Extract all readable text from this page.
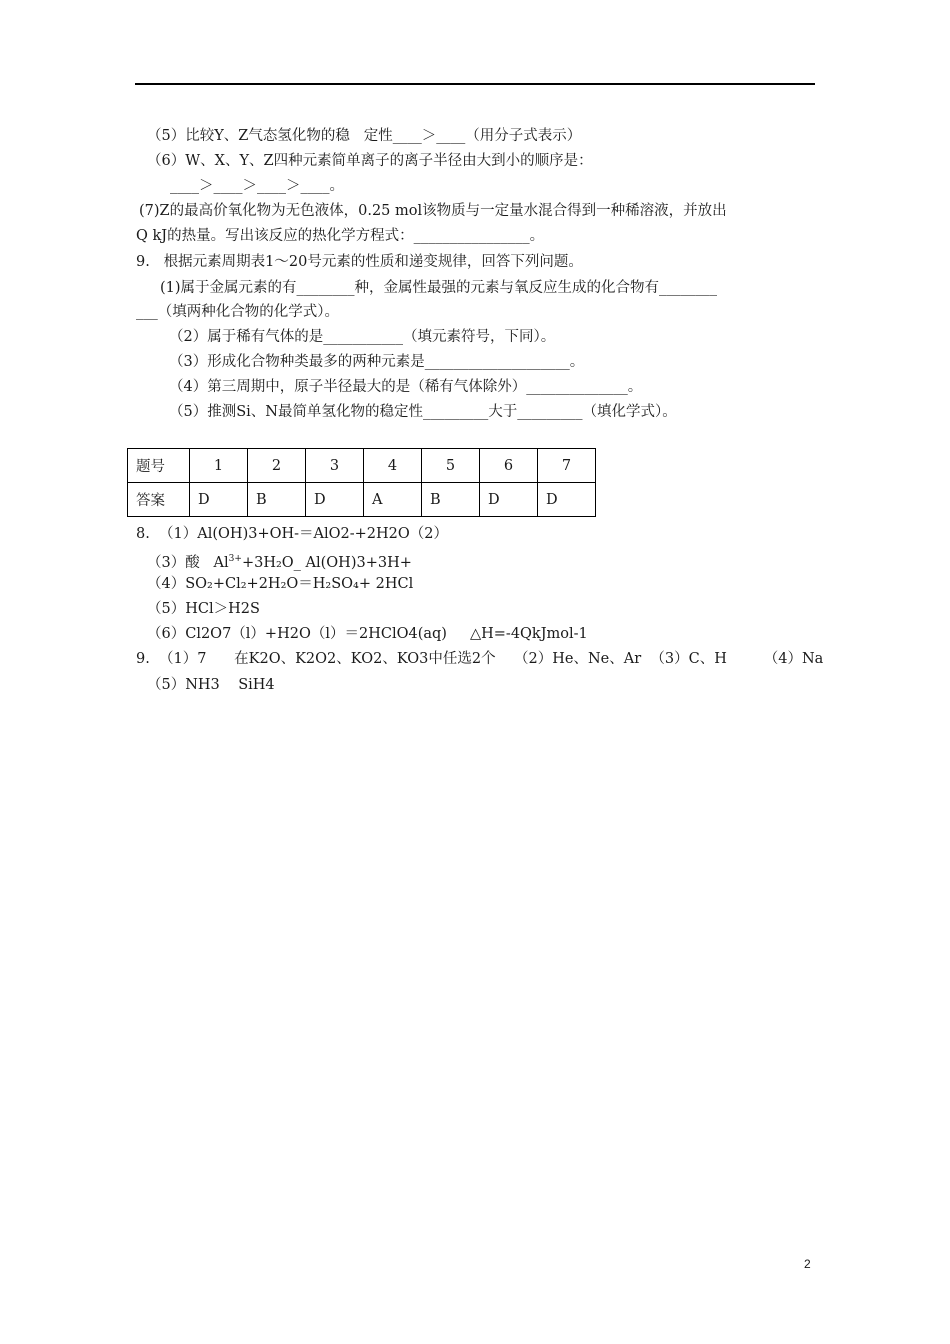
（5）比较Y、Z气态氢化物的稳   定性____＞____（用分子式表示）
（6）W、X、Y、Z四种元素简单离子的离子半径由大到小的顺序是：
____＞____＞____＞____。
(7)Z的最高价氧化物为无色液体，0.25 mol该物质与一定量水混合得到一种稀溶液，并放出
Q kJ的热量。写出该反应的热化学方程式：________________。
9.   根据元素周期表1～20号元素的性质和递变规律，回答下列问题。
(1)属于金属元素的有________种，金属性最强的元素与氧反应生成的化合物有________
___（填两种化合物的化学式）。
（2）属于稀有气体的是___________（填元素符号，下同）。
（3）形成化合物种类最多的两种元素是____________________。
（4）第三周期中，原子半径最大的是（稀有气体除外）______________。
（5）推测Si、N最简单氢化物的稳定性_________大于_________（填化学式）。
题号	1	2	3	4	5	6	7
答案	D	B	D	A	B	D	D
8.  （1）Al(OH)3+OH-＝AlO2-+2H2O（2）
（3）酸   $Al^{3+}+3H_2O\_$ Al(OH)3+3H+
（4）SO₂+Cl₂+2H₂O＝H₂SO₄+ 2HCl
（5）HCl＞H2S
（6）Cl2O7（l）+H2O（l）＝2HClO4(aq)     △H=-4QkJmol-1
9.  （1）7      在K2O、K2O2、KO2、KO3中任选2个    （2）He、Ne、Ar  （3）C、H        （4）Na
（5）NH3    SiH4
2
